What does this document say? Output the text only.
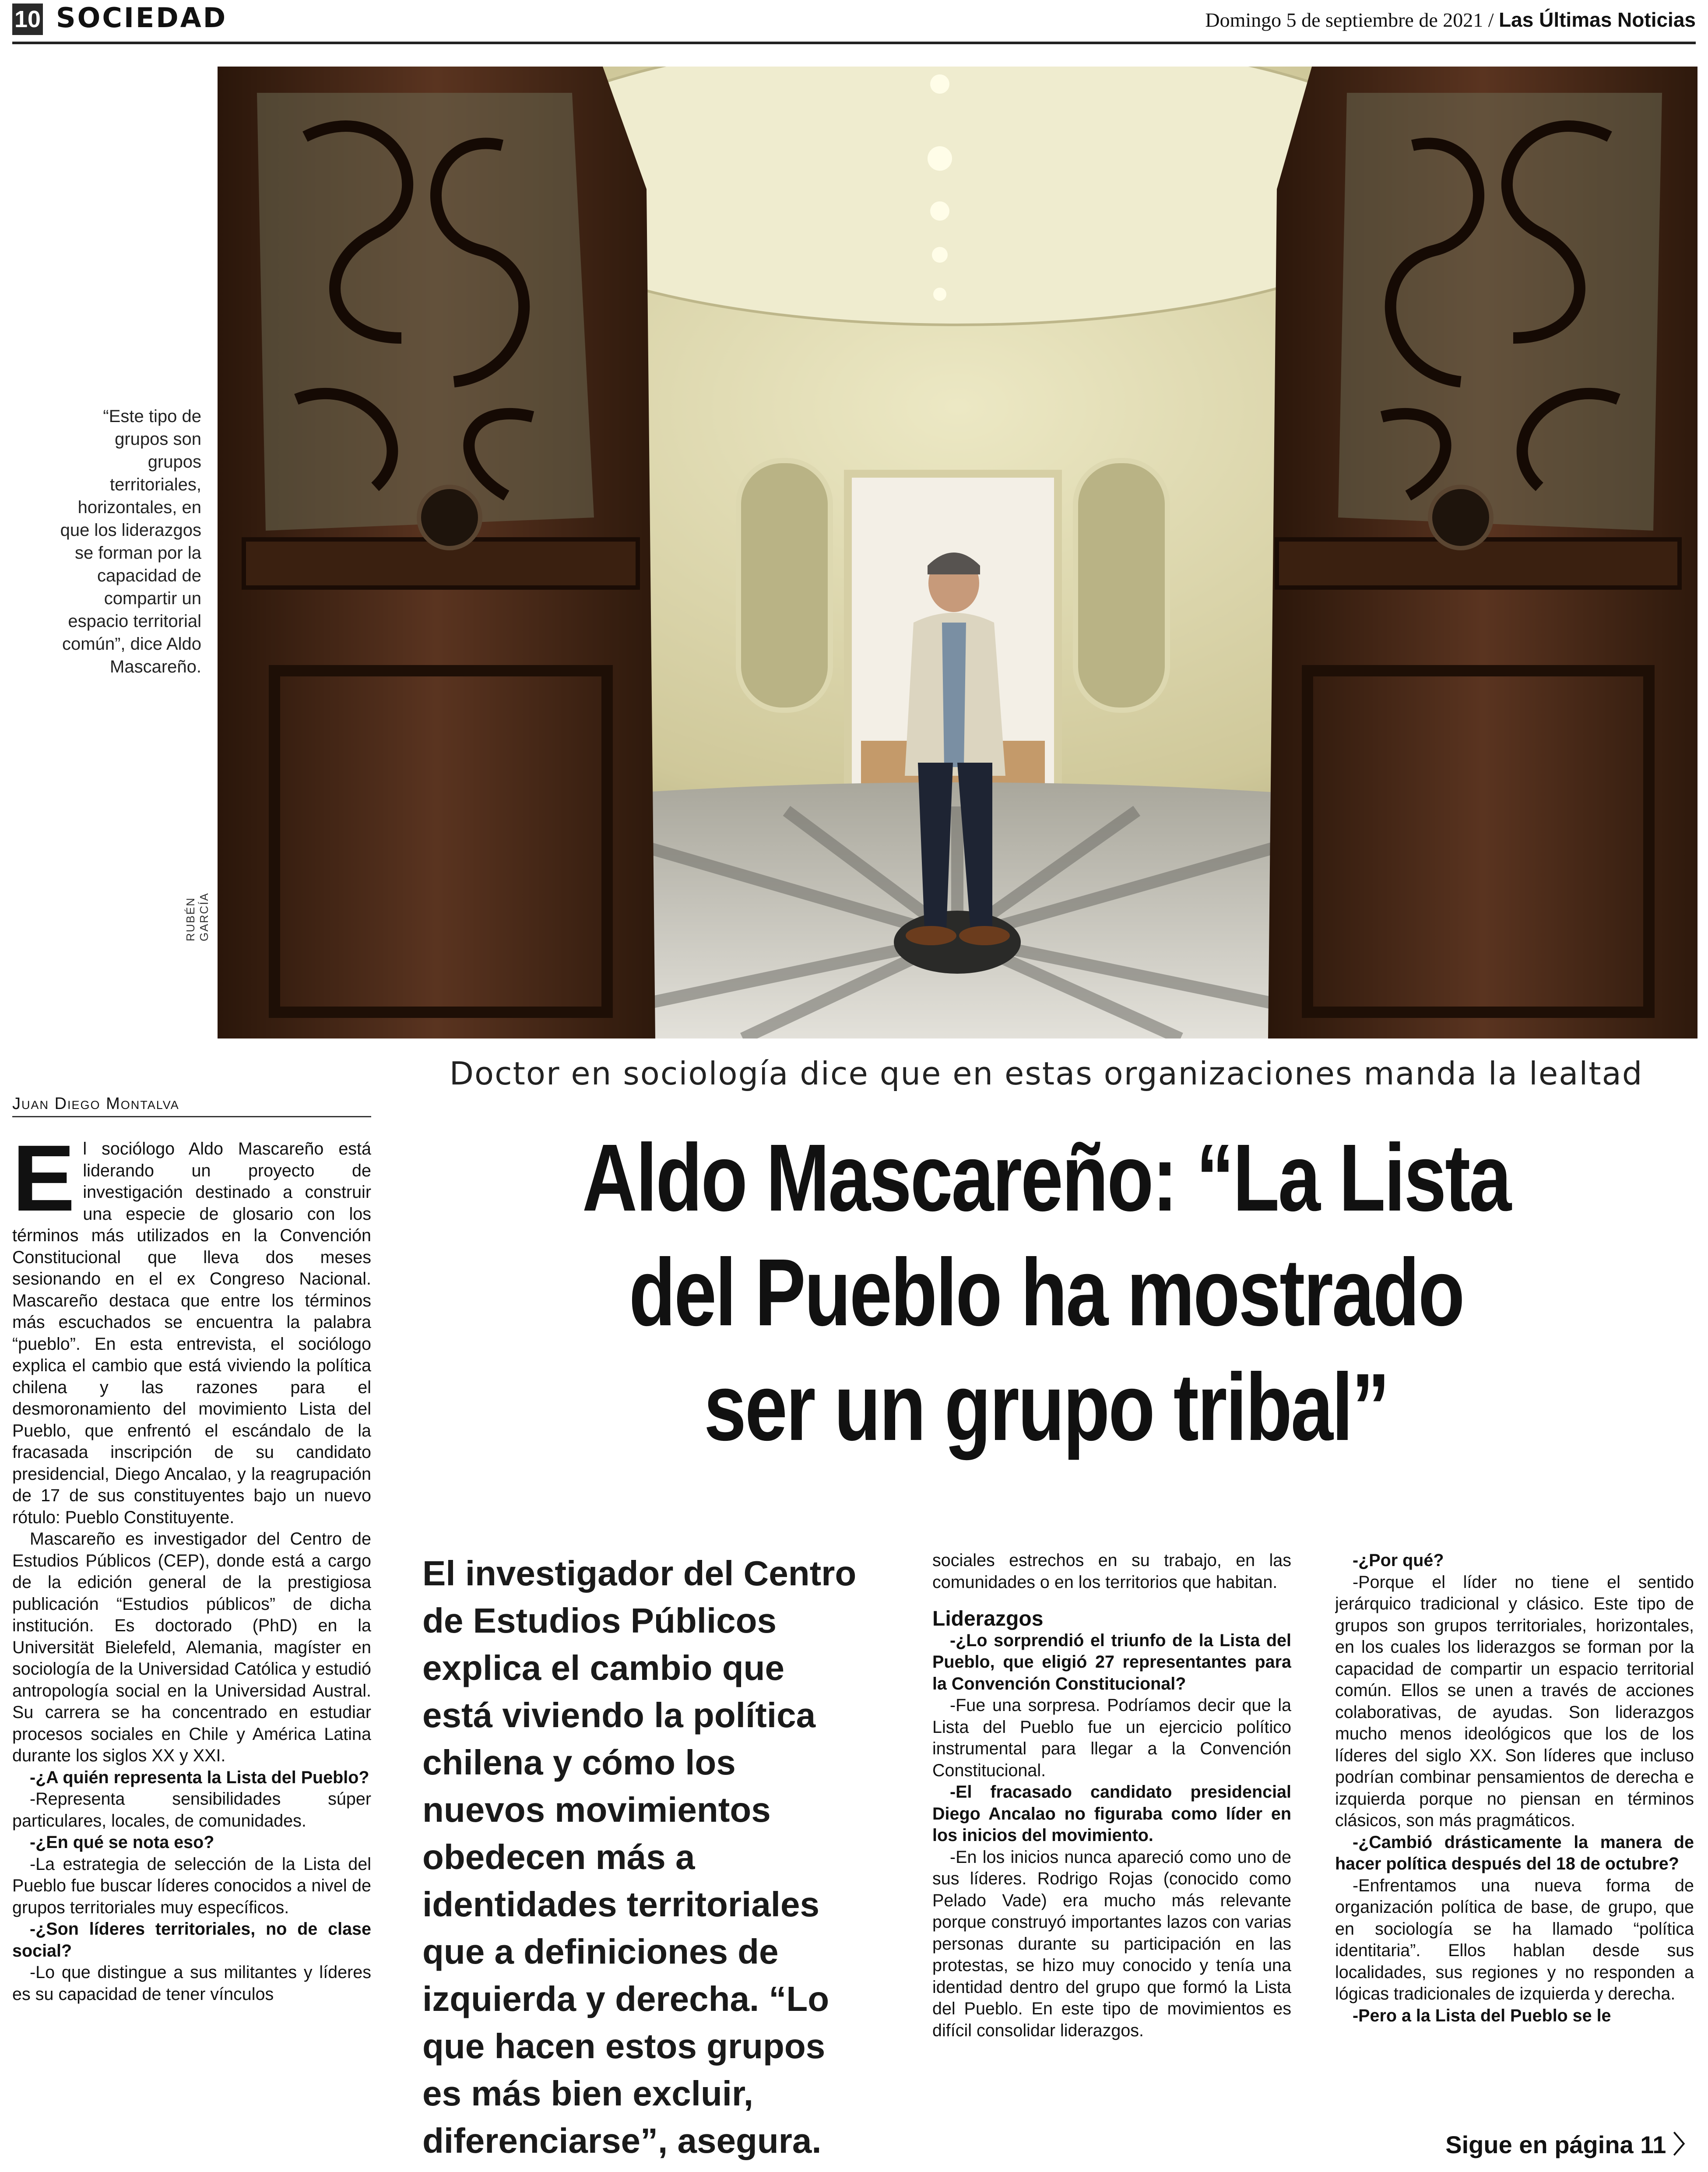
10 SOCIEDAD	Domingo 5 de septiembre de 2021 / Las Últimas Noticias
“Este tipo de grupos son grupos territoriales, horizontales, en que los liderazgos se forman por la capacidad de compartir un espacio territorial común”, dice Aldo Mascareño.
RUBÉN GARCÍA
Juan Diego Montalva
Doctor en sociología dice que en estas organizaciones manda la lealtad
Aldo Mascareño: “La Lista
del Pueblo ha mostrado
ser un grupo tribal”
E l sociólogo Aldo Mascareño está liderando un proyecto de investigación destinado a construir una especie de glosario con los términos más utilizados en la Convención Constitucional que lleva dos meses sesionando en el ex Congreso Nacional. Mascareño destaca que entre los términos más escuchados se encuentra la palabra “pueblo”. En esta entrevista, el sociólogo explica el cambio que está viviendo la política chilena y las razones para el desmoronamiento del movimiento Lista del Pueblo, que enfrentó el escándalo de la fracasada inscripción de su candidato presidencial, Diego Ancalao, y la reagrupación de 17 de sus constituyentes bajo un nuevo rótulo: Pueblo Constituyente.

Mascareño es investigador del Centro de Estudios Públicos (CEP), donde está a cargo de la edición general de la prestigiosa publicación “Estudios públicos” de dicha institución. Es doctorado (PhD) en la Universität Bielefeld, Alemania, magíster en sociología de la Universidad Católica y estudió antropología social en la Universidad Austral. Su carrera se ha concentrado en estudiar procesos sociales en Chile y América Latina durante los siglos XX y XXI.

-¿A quién representa la Lista del Pueblo?

-Representa sensibilidades súper particulares, locales, de comunidades.

-¿En qué se nota eso?

-La estrategia de selección de la Lista del Pueblo fue buscar líderes conocidos a nivel de grupos territoriales muy específicos.

-¿Son líderes territoriales, no de clase social?

-Lo que distingue a sus militantes y líderes es su capacidad de tener vínculos

El investigador del Centro de Estudios Públicos explica el cambio que está viviendo la política chilena y cómo los nuevos movimientos obedecen más a identidades territoriales que a definiciones de izquierda y derecha. “Lo que hacen estos grupos es más bien excluir, diferenciarse”, asegura.

sociales estrechos en su trabajo, en las comunidades o en los territorios que habitan.

Liderazgos

-¿Lo sorprendió el triunfo de la Lista del Pueblo, que eligió 27 representantes para la Convención Constitucional?

-Fue una sorpresa. Podríamos decir que la Lista del Pueblo fue un ejercicio político instrumental para llegar a la Convención Constitucional.

-El fracasado candidato presidencial Diego Ancalao no figuraba como líder en los inicios del movimiento.

-En los inicios nunca apareció como uno de sus líderes. Rodrigo Rojas (conocido como Pelado Vade) era mucho más relevante porque construyó importantes lazos con varias personas durante su participación en las protestas, se hizo muy conocido y tenía una identidad dentro del grupo que formó la Lista del Pueblo. En este tipo de movimientos es difícil consolidar liderazgos.

-¿Por qué?

-Porque el líder no tiene el sentido jerárquico tradicional y clásico. Este tipo de grupos son grupos territoriales, horizontales, en los cuales los liderazgos se forman por la capacidad de compartir un espacio territorial común. Ellos se unen a través de acciones colaborativas, de ayudas. Son liderazgos mucho menos ideológicos que los de los líderes del siglo XX. Son líderes que incluso podrían combinar pensamientos de derecha e izquierda porque no piensan en términos clásicos, son más pragmáticos.

-¿Cambió drásticamente la manera de hacer política después del 18 de octubre?

-Enfrentamos una nueva forma de organización política de base, de grupo, que en sociología se ha llamado “política identitaria”. Ellos hablan desde sus localidades, sus regiones y no responden a lógicas tradicionales de izquierda y derecha.

-Pero a la Lista del Pueblo se le

Sigue en página 11 〉
